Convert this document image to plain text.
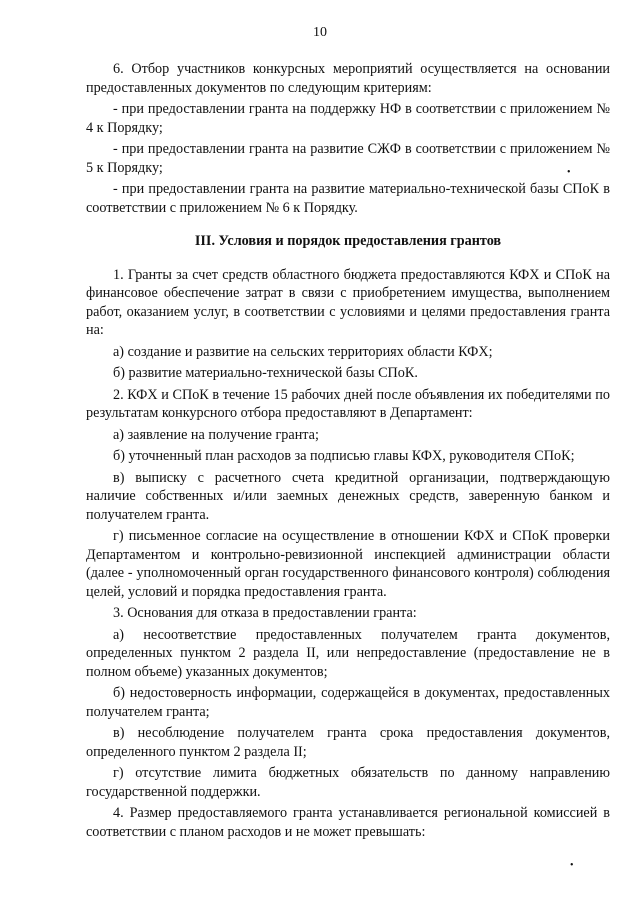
10

6. Отбор участников конкурсных мероприятий осуществляется на основании предоставленных документов по следующим критериям:

- при предоставлении гранта на поддержку НФ в соответствии с приложением № 4 к Порядку;

- при предоставлении гранта на развитие СЖФ в соответствии с приложением № 5 к Порядку;

- при предоставлении гранта на развитие материально-технической базы СПоК в соответствии с приложением № 6 к Порядку.

III. Условия и порядок предоставления грантов

1. Гранты за счет средств областного бюджета предоставляются КФХ и СПоК на финансовое обеспечение затрат в связи с приобретением имущества, выполнением работ, оказанием услуг, в соответствии с условиями и целями предоставления гранта на:

а) создание и развитие на сельских территориях области КФХ;

б) развитие материально-технической базы СПоК.

2. КФХ и СПоК в течение 15 рабочих дней после объявления их победителями по результатам конкурсного отбора предоставляют в Департамент:

а) заявление на получение гранта;

б) уточненный план расходов за подписью главы КФХ, руководителя СПоК;

в) выписку с расчетного счета кредитной организации, подтверждающую наличие собственных и/или заемных денежных средств, заверенную банком и получателем гранта.

г) письменное согласие на осуществление в отношении КФХ и СПоК проверки Департаментом и контрольно-ревизионной инспекцией администрации области (далее - уполномоченный орган государственного финансового контроля) соблюдения целей, условий и порядка предоставления гранта.

3. Основания для отказа в предоставлении гранта:

а) несоответствие предоставленных получателем гранта документов, определенных пунктом 2 раздела II, или непредоставление (предоставление не в полном объеме) указанных документов;

б) недостоверность информации, содержащейся в документах, предоставленных получателем гранта;

в) несоблюдение получателем гранта срока предоставления документов, определенного пунктом 2 раздела II;

г) отсутствие лимита бюджетных обязательств по данному направлению государственной поддержки.

4. Размер предоставляемого гранта устанавливается региональной комиссией в соответствии с планом расходов и не может превышать:

•
•
